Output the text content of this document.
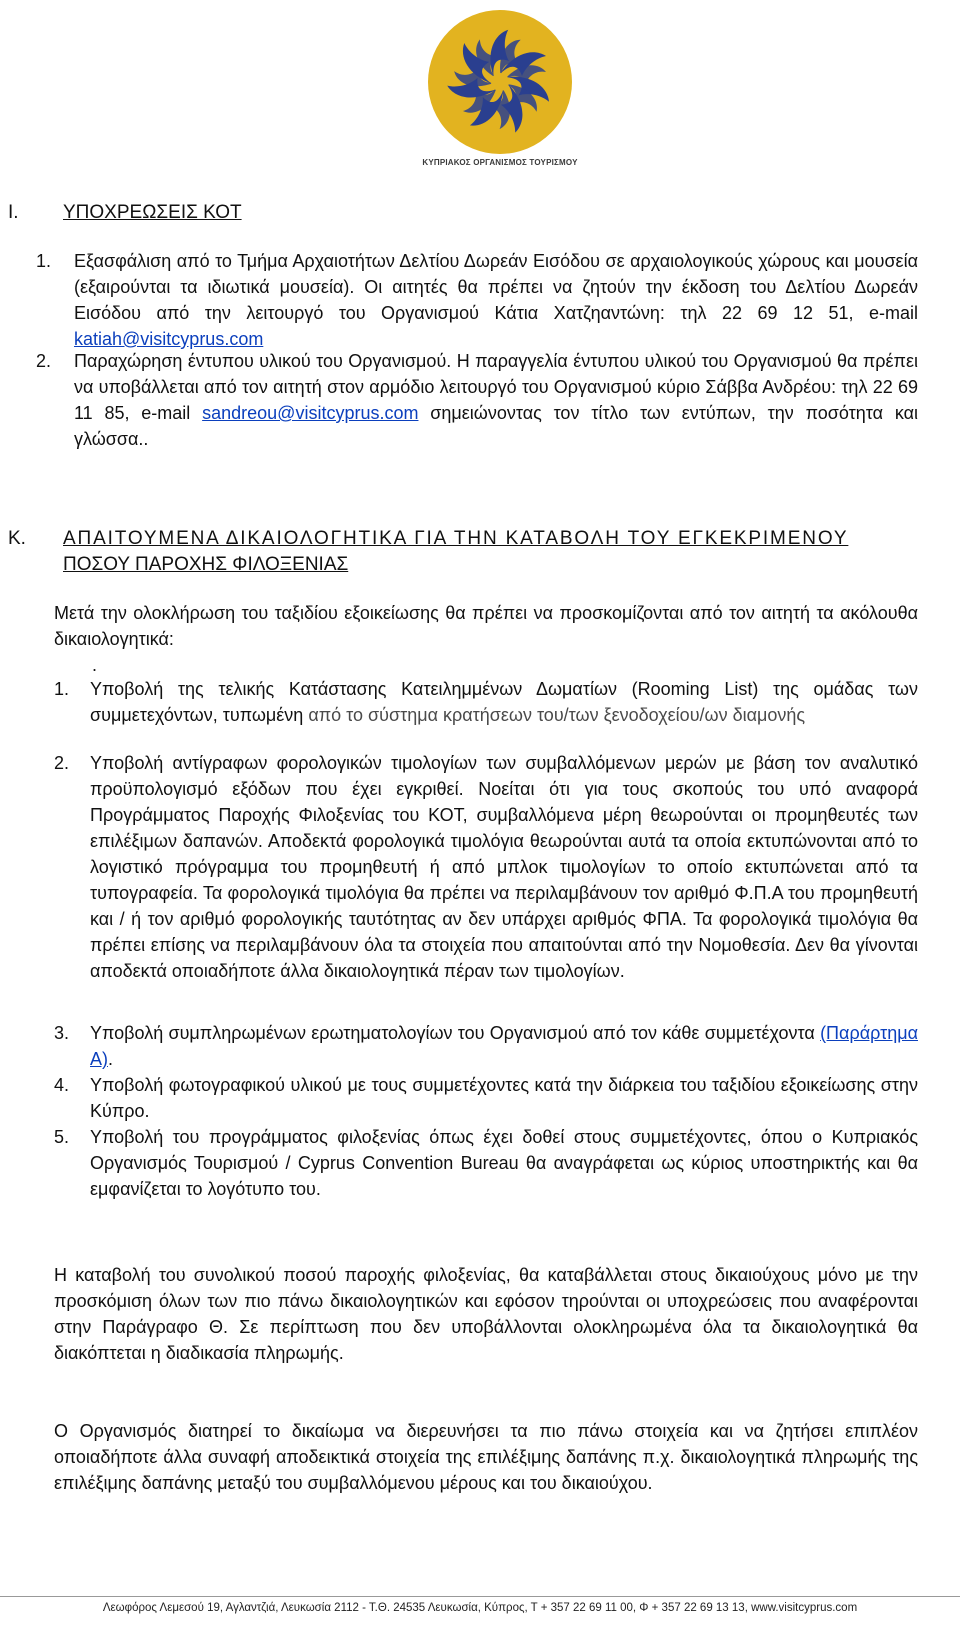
ΚΥΠΡΙΑΚΟΣ ΟΡΓΑΝΙΣΜΟΣ ΤΟΥΡΙΣΜΟΥ
I. ΥΠΟΧΡΕΩΣΕΙΣ ΚΟΤ
1. Εξασφάλιση από το Τμήμα Αρχαιοτήτων Δελτίου Δωρεάν Εισόδου σε αρχαιολογικούς χώρους και μουσεία (εξαιρούνται τα ιδιωτικά μουσεία). Οι αιτητές θα πρέπει να ζητούν την έκδοση του Δελτίου Δωρεάν Εισόδου από την λειτουργό του Οργανισμού Κάτια Χατζηαντώνη: τηλ 22 69 12 51, e-mail katiah@visitcyprus.com
2. Παραχώρηση έντυπου υλικού του Οργανισμού. Η παραγγελία έντυπου υλικού του Οργανισμού θα πρέπει να υποβάλλεται από τον αιτητή στον αρμόδιο λειτουργό του Οργανισμού κύριο Σάββα Ανδρέου: τηλ 22 69 11 85, e-mail sandreou@visitcyprus.com σημειώνοντας τον τίτλο των εντύπων, την ποσότητα και γλώσσα..
Κ. ΑΠΑΙΤΟΥΜΕΝΑ ΔΙΚΑΙΟΛΟΓΗΤΙΚΑ ΓΙΑ ΤΗΝ ΚΑΤΑΒΟΛΗ ΤΟΥ ΕΓΚΕΚΡΙΜΕΝΟΥ
ΠΟΣΟΥ ΠΑΡΟΧΗΣ ΦΙΛΟΞΕΝΙΑΣ
Μετά την ολοκλήρωση του ταξιδίου εξοικείωσης θα πρέπει να προσκομίζονται από τον αιτητή τα ακόλουθα δικαιολογητικά:
.
1. Υποβολή της τελικής Κατάστασης Κατειλημμένων Δωματίων (Rooming List) της ομάδας των συμμετεχόντων, τυπωμένη από το σύστημα κρατήσεων του/των ξενοδοχείου/ων διαμονής
2. Υποβολή αντίγραφων φορολογικών τιμολογίων των συμβαλλόμενων μερών με βάση τον αναλυτικό προϋπολογισμό εξόδων που έχει εγκριθεί. Νοείται ότι για τους σκοπούς του υπό αναφορά Προγράμματος Παροχής Φιλοξενίας του ΚΟΤ, συμβαλλόμενα μέρη θεωρούνται οι προμηθευτές των επιλέξιμων δαπανών. Αποδεκτά φορολογικά τιμολόγια θεωρούνται αυτά τα οποία εκτυπώνονται από το λογιστικό πρόγραμμα του προμηθευτή ή από μπλοκ τιμολογίων το οποίο εκτυπώνεται από τα τυπογραφεία. Τα φορολογικά τιμολόγια θα πρέπει να περιλαμβάνουν τον αριθμό Φ.Π.Α του προμηθευτή και / ή τον αριθμό φορολογικής ταυτότητας αν δεν υπάρχει αριθμός ΦΠΑ. Τα φορολογικά τιμολόγια θα πρέπει επίσης να περιλαμβάνουν όλα τα στοιχεία που απαιτούνται από την Νομοθεσία. Δεν θα γίνονται αποδεκτά οποιαδήποτε άλλα δικαιολογητικά πέραν των τιμολογίων.
3. Υποβολή συμπληρωμένων ερωτηματολογίων του Οργανισμού από τον κάθε συμμετέχοντα (Παράρτημα Α).
4. Υποβολή φωτογραφικού υλικού με τους συμμετέχοντες κατά την διάρκεια του ταξιδίου εξοικείωσης στην Κύπρο.
5. Υποβολή του προγράμματος φιλοξενίας όπως έχει δοθεί στους συμμετέχοντες, όπου ο Κυπριακός Οργανισμός Τουρισμού / Cyprus Convention Bureau θα αναγράφεται ως κύριος υποστηρικτής και θα εμφανίζεται το λογότυπο του.
Η καταβολή του συνολικού ποσού παροχής φιλοξενίας, θα καταβάλλεται στους δικαιούχους μόνο με την προσκόμιση όλων των πιο πάνω δικαιολογητικών και εφόσον τηρούνται οι υποχρεώσεις που αναφέρονται στην Παράγραφο Θ. Σε περίπτωση που δεν υποβάλλονται ολοκληρωμένα όλα τα δικαιολογητικά θα διακόπτεται η διαδικασία πληρωμής.
Ο Οργανισμός διατηρεί το δικαίωμα να διερευνήσει τα πιο πάνω στοιχεία και να ζητήσει επιπλέον οποιαδήποτε άλλα συναφή αποδεικτικά στοιχεία της επιλέξιμης δαπάνης π.χ. δικαιολογητικά πληρωμής της επιλέξιμης δαπάνης μεταξύ του συμβαλλόμενου μέρους και του δικαιούχου.
Λεωφόρος Λεμεσού 19, Αγλαντζιά, Λευκωσία 2112 - Τ.Θ. 24535 Λευκωσία, Κύπρος, Τ + 357 22 69 11 00, Φ + 357 22 69 13 13, www.visitcyprus.com
